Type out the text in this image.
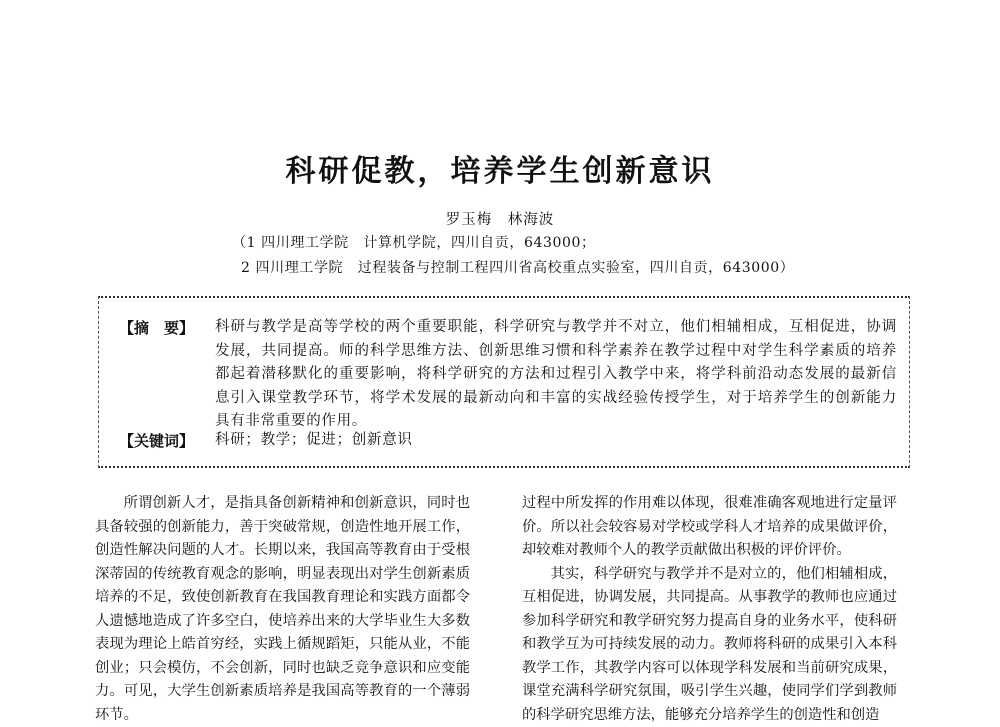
科研促教，培养学生创新意识
罗玉梅　林海波
（1 四川理工学院　计算机学院，四川自贡，643000；
2 四川理工学院　过程装备与控制工程四川省高校重点实验室，四川自贡，643000）
【摘　要】	科研与教学是高等学校的两个重要职能，科学研究与教学并不对立，他们相辅相成，互相促进，协调发展，共同提高。师的科学思维方法、创新思维习惯和科学素养在教学过程中对学生科学素质的培养都起着潜移默化的重要影响，将科学研究的方法和过程引入教学中来，将学科前沿动态发展的最新信息引入课堂教学环节，将学术发展的最新动向和丰富的实战经验传授学生，对于培养学生的创新能力具有非常重要的作用。
【关键词】	科研；教学；促进；创新意识

所谓创新人才，是指具备创新精神和创新意识，同时也具备较强的创新能力，善于突破常规，创造性地开展工作，创造性解决问题的人才。长期以来，我国高等教育由于受根深蒂固的传统教育观念的影响，明显表现出对学生创新素质培养的不足，致使创新教育在我国教育理论和实践方面都令人遗憾地造成了许多空白，使培养出来的大学毕业生大多数表现为理论上皓首穷经，实践上循规蹈矩，只能从业，不能创业；只会模仿，不会创新，同时也缺乏竞争意识和应变能力。可见，大学生创新素质培养是我国高等教育的一个薄弱环节。

过程中所发挥的作用难以体现，很难准确客观地进行定量评价。所以社会较容易对学校或学科人才培养的成果做评价，却较难对教师个人的教学贡献做出积极的评价评价。

其实，科学研究与教学并不是对立的，他们相辅相成，互相促进，协调发展，共同提高。从事教学的教师也应通过参加科学研究和教学研究努力提高自身的业务水平，使科研和教学互为可持续发展的动力。教师将科研的成果引入本科教学工作，其教学内容可以体现学科发展和当前研究成果，课堂充满科学研究氛围，吸引学生兴趣，使同学们学到教师的科学研究思维方法，能够充分培养学生的创造性和创造
